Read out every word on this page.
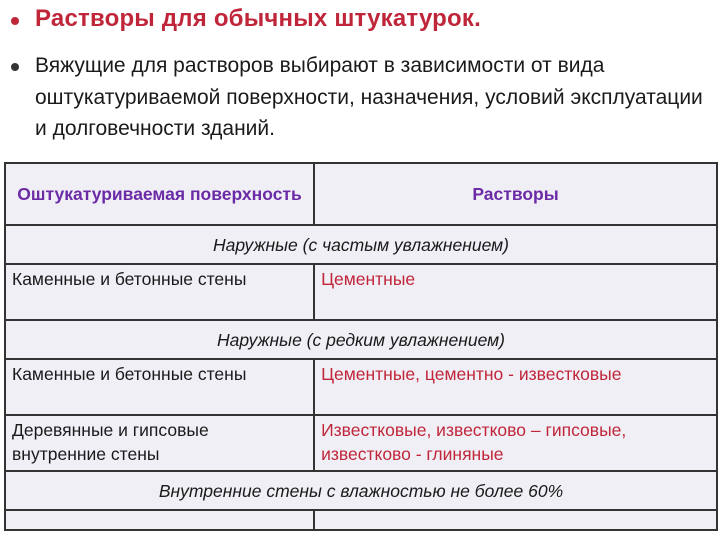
Растворы для обычных штукатурок.
Вяжущие для растворов выбирают в зависимости от вида оштукатуриваемой поверхности, назначения, условий эксплуатации и долговечности зданий.
Оштукатуриваемая поверхность	Растворы
Наружные (с частым увлажнением)	
Каменные и бетонные стены	Цементные
Наружные (с редким увлажнением)	
Каменные и бетонные стены	Цементные, цементно - известковые
Деревянные и гипсовые внутренние стены	Известковые, известково – гипсовые, известково - глиняные
Внутренние стены с влажностью не более 60%	
